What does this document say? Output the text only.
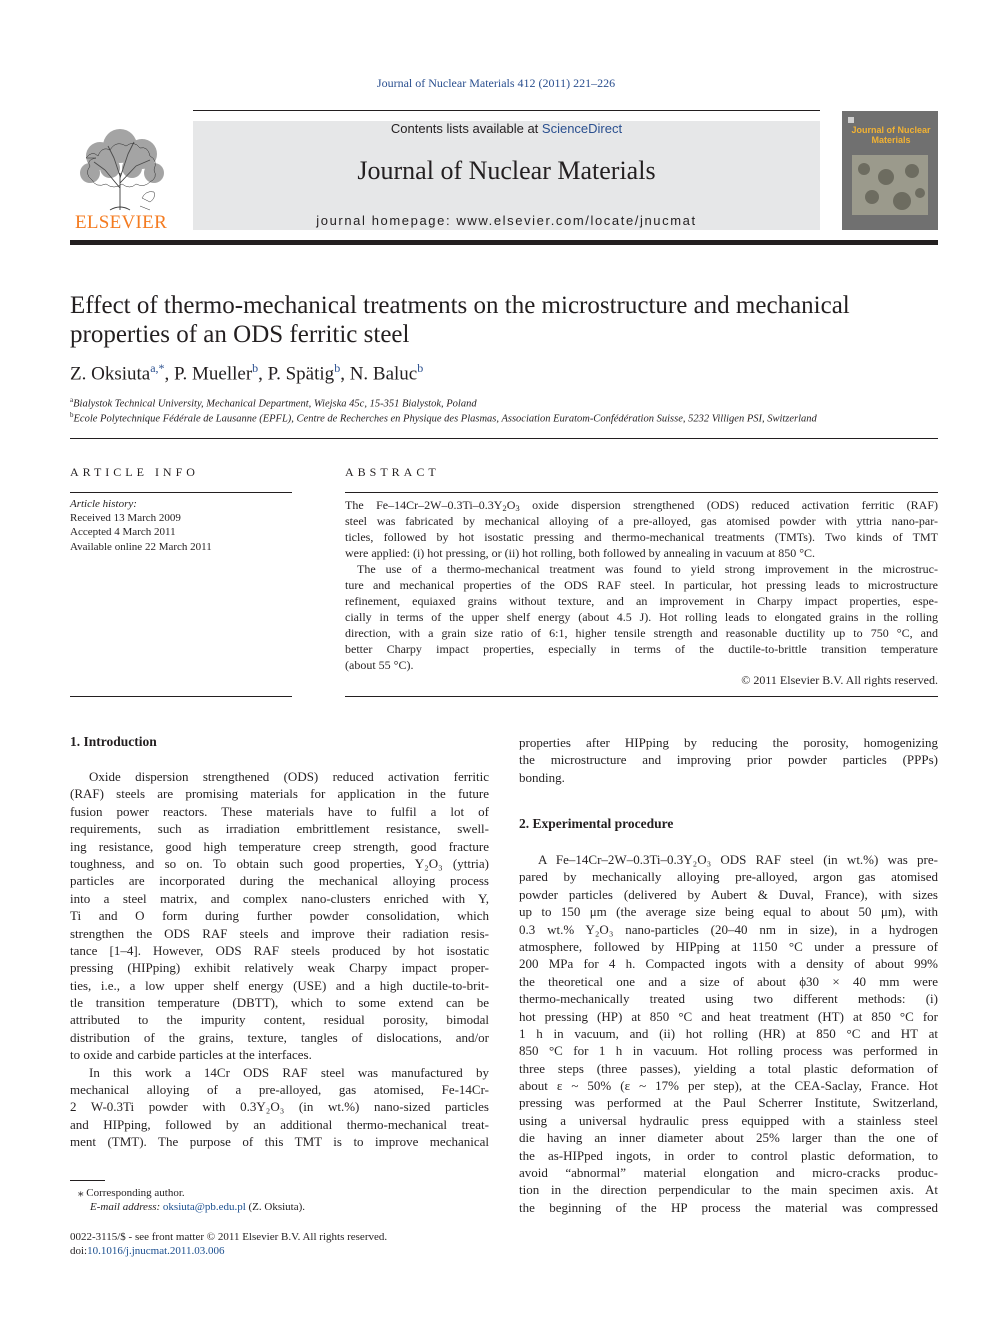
Journal of Nuclear Materials 412 (2011) 221–226
ELSEVIER
Contents lists available at ScienceDirect
Journal of Nuclear Materials
journal homepage: www.elsevier.com/locate/jnucmat
Journal of Nuclear Materials
Effect of thermo-mechanical treatments on the microstructure and mechanical
properties of an ODS ferritic steel
Z. Oksiuta$^{a,*}$, P. Mueller$^b$, P. Spätig$^b$, N. Baluc$^b$
$^a$Bialystok Technical University, Mechanical Department, Wiejska 45c, 15-351 Bialystok, Poland
$^b$Ecole Polytechnique Fédérale de Lausanne (EPFL), Centre de Recherches en Physique des Plasmas, Association Euratom-Confédération Suisse, 5232 Villigen PSI, Switzerland
ARTICLE INFO
Article history:
Received 13 March 2009
Accepted 4 March 2011
Available online 22 March 2011
ABSTRACT
The $Fe-14Cr-2W-0.3Ti-0.3Y_2O_3$ oxide dispersion strengthened (ODS) reduced activation ferritic (RAF)
steel was fabricated by mechanical alloying of a pre-alloyed, gas atomised powder with yttria nano-par-
ticles, followed by hot isostatic pressing and thermo-mechanical treatments (TMTs). Two kinds of TMT
were applied: (i) hot pressing, or (ii) hot rolling, both followed by annealing in vacuum at 850 °C.
The use of a thermo-mechanical treatment was found to yield strong improvement in the microstruc-
ture and mechanical properties of the ODS RAF steel. In particular, hot pressing leads to microstructure
refinement, equiaxed grains without texture, and an improvement in Charpy impact properties, espe-
cially in terms of the upper shelf energy (about 4.5 J). Hot rolling leads to elongated grains in the rolling
direction, with a grain size ratio of 6:1, higher tensile strength and reasonable ductility up to 750 °C, and
better Charpy impact properties, especially in terms of the ductile-to-brittle transition temperature
(about 55 °C).
© 2011 Elsevier B.V. All rights reserved.
1. Introduction
Oxide dispersion strengthened (ODS) reduced activation ferritic
(RAF) steels are promising materials for application in the future
fusion power reactors. These materials have to fulfil a lot of
requirements, such as irradiation embrittlement resistance, swell-
ing resistance, good high temperature creep strength, good fracture
toughness, and so on. To obtain such good properties, Y₂O₃ (yttria)
particles are incorporated during the mechanical alloying process
into a steel matrix, and complex nano-clusters enriched with Y,
Ti and O form during further powder consolidation, which
strengthen the ODS RAF steels and improve their radiation resis-
tance [1–4]. However, ODS RAF steels produced by hot isostatic
pressing (HIPping) exhibit relatively weak Charpy impact proper-
ties, i.e., a low upper shelf energy (USE) and a high ductile-to-brit-
tle transition temperature (DBTT), which to some extend can be
attributed to the impurity content, residual porosity, bimodal
distribution of the grains, texture, tangles of dislocations, and/or
to oxide and carbide particles at the interfaces.
In this work a 14Cr ODS RAF steel was manufactured by
mechanical alloying of a pre-alloyed, gas atomised, Fe-14Cr-
2 W-0.3Ti powder with 0.3Y₂O₃ (in wt.%) nano-sized particles
and HIPping, followed by an additional thermo-mechanical treat-
ment (TMT). The purpose of this TMT is to improve mechanical
properties after HIPping by reducing the porosity, homogenizing
the microstructure and improving prior powder particles (PPPs)
bonding.
2. Experimental procedure
A Fe–14Cr–2W–0.3Ti–0.3Y₂O₃ ODS RAF steel (in wt.%) was pre-
pared by mechanically alloying pre-alloyed, argon gas atomised
powder particles (delivered by Aubert & Duval, France), with sizes
up to 150 μm (the average size being equal to about 50 μm), with
0.3 wt.% Y₂O₃ nano-particles (20–40 nm in size), in a hydrogen
atmosphere, followed by HIPping at 1150 °C under a pressure of
200 MPa for 4 h. Compacted ingots with a density of about 99%
the theoretical one and a size of about ϕ30 × 40 mm were
thermo-mechanically treated using two different methods: (i)
hot pressing (HP) at 850 °C and heat treatment (HT) at 850 °C for
1 h in vacuum, and (ii) hot rolling (HR) at 850 °C and HT at
850 °C for 1 h in vacuum. Hot rolling process was performed in
three steps (three passes), yielding a total plastic deformation of
about ε ~ 50% (ε ~ 17% per step), at the CEA-Saclay, France. Hot
pressing was performed at the Paul Scherrer Institute, Switzerland,
using a universal hydraulic press equipped with a stainless steel
die having an inner diameter about 25% larger than the one of
the as-HIPped ingots, in order to control plastic deformation, to
avoid “abnormal” material elongation and micro-cracks produc-
tion in the direction perpendicular to the main specimen axis. At
the beginning of the HP process the material was compressed
⁎ Corresponding author.
E-mail address: oksiuta@pb.edu.pl (Z. Oksiuta).
0022-3115/$ - see front matter © 2011 Elsevier B.V. All rights reserved.
doi:10.1016/j.jnucmat.2011.03.006
